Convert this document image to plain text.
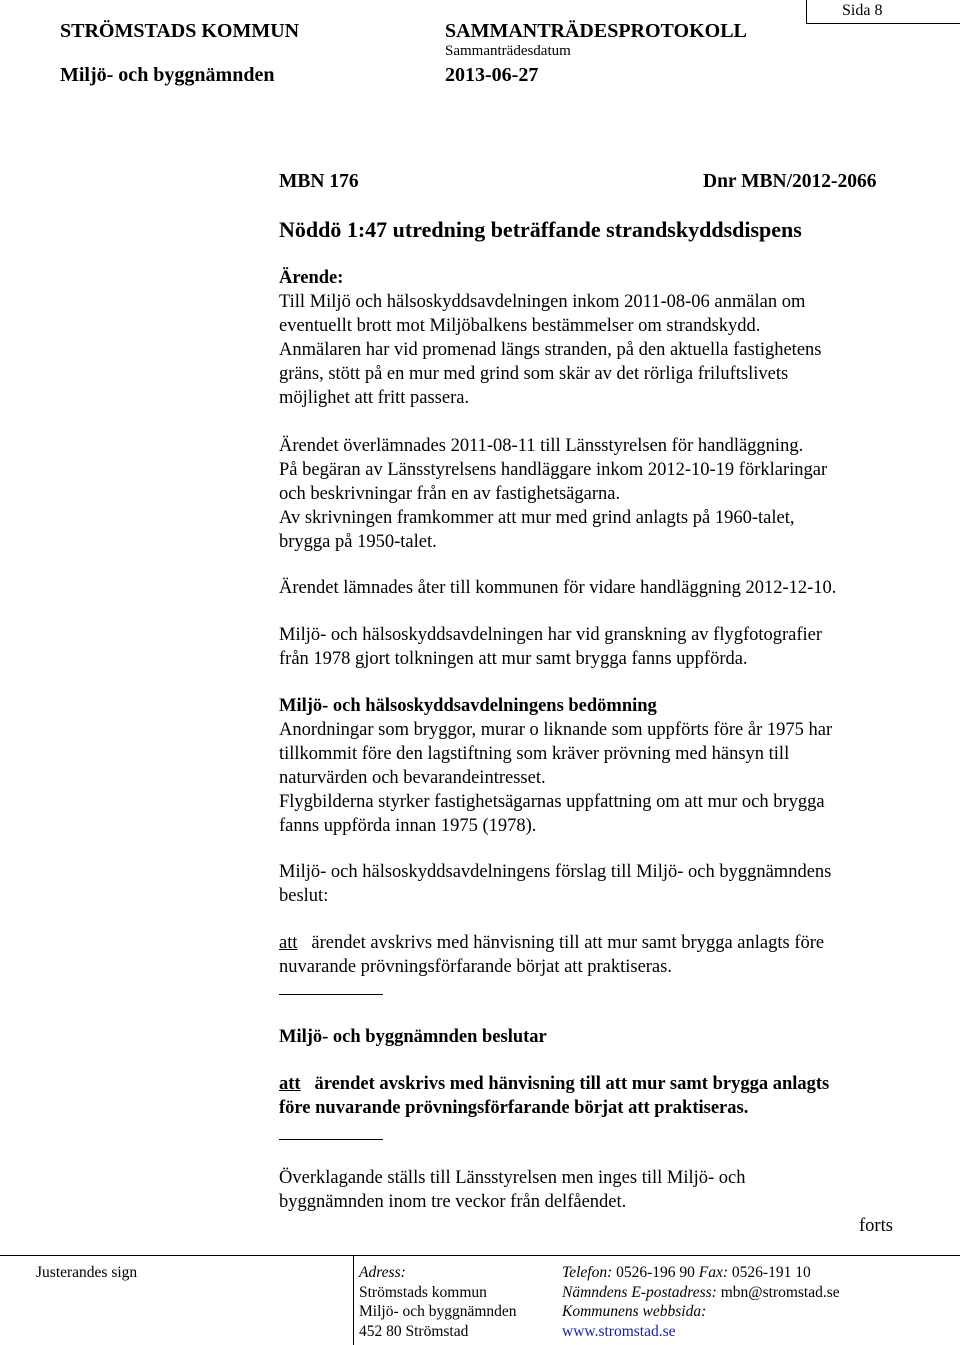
Sida 8
STRÖMSTADS KOMMUN	SAMMANTRÄDESPROTOKOLL
Sammanträdesdatum
Miljö- och byggnämnden	2013-06-27
MBN 176	Dnr MBN/2012-2066
Nöddö 1:47 utredning beträffande strandskyddsdispens
Ärende:
Till Miljö och hälsoskyddsavdelningen inkom 2011-08-06 anmälan om
eventuellt brott mot Miljöbalkens bestämmelser om strandskydd.
Anmälaren har vid promenad längs stranden, på den aktuella fastighetens
gräns, stött på en mur med grind som skär av det rörliga friluftslivets
möjlighet att fritt passera.
Ärendet överlämnades 2011-08-11 till Länsstyrelsen för handläggning.
På begäran av Länsstyrelsens handläggare inkom 2012-10-19 förklaringar
och beskrivningar från en av fastighetsägarna.
Av skrivningen framkommer att mur med grind anlagts på 1960-talet,
brygga på 1950-talet.
Ärendet lämnades åter till kommunen för vidare handläggning 2012-12-10.
Miljö- och hälsoskyddsavdelningen har vid granskning av flygfotografier
från 1978 gjort tolkningen att mur samt brygga fanns uppförda.
Miljö- och hälsoskyddsavdelningens bedömning
Anordningar som bryggor, murar o liknande som uppförts före år 1975 har
tillkommit före den lagstiftning som kräver prövning med hänsyn till
naturvärden och bevarandeintresset.
Flygbilderna styrker fastighetsägarnas uppfattning om att mur och brygga
fanns uppförda innan 1975 (1978).
Miljö- och hälsoskyddsavdelningens förslag till Miljö- och byggnämndens
beslut:
att ärendet avskrivs med hänvisning till att mur samt brygga anlagts före
nuvarande prövningsförfarande börjat att praktiseras.
Miljö- och byggnämnden beslutar
att ärendet avskrivs med hänvisning till att mur samt brygga anlagts
före nuvarande prövningsförfarande börjat att praktiseras.
Överklagande ställs till Länsstyrelsen men inges till Miljö- och
byggnämnden inom tre veckor från delfåendet.
forts
Justerandes sign	Adress:
Strömstads kommun
Miljö- och byggnämnden
452 80 Strömstad
Telefon: 0526-196 90 Fax: 0526-191 10
Nämndens E-postadress: mbn@stromstad.se
Kommunens webbsida:
www.stromstad.se
